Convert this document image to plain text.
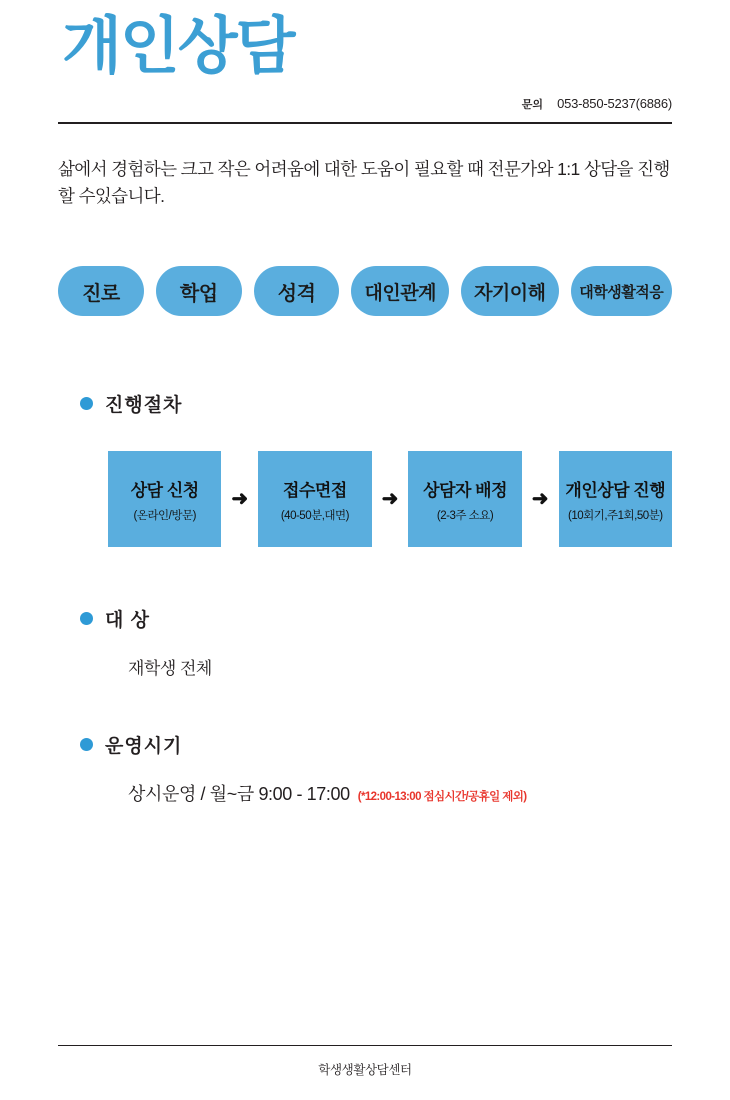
개인상담
문의 053-850-5237(6886)

삶에서 경험하는 크고 작은 어려움에 대한 도움이 필요할 때 전문가와 1:1 상담을 진행할 수있습니다.

진로	학업	성격	대인관계	자기이해	대학생활적응
진행절차
상담 신청
(온라인/방문)
➜ 접수면접
(40-50분,대면)
➜ 상담자 배정
(2-3주 소요)
➜ 개인상담 진행
(10회기,주1회,50분)
대 상
재학생 전체
운영시기
상시운영 / 월~금 9:00 - 17:00 (*12:00-13:00 점심시간/공휴일 제외)
학생생활상담센터
